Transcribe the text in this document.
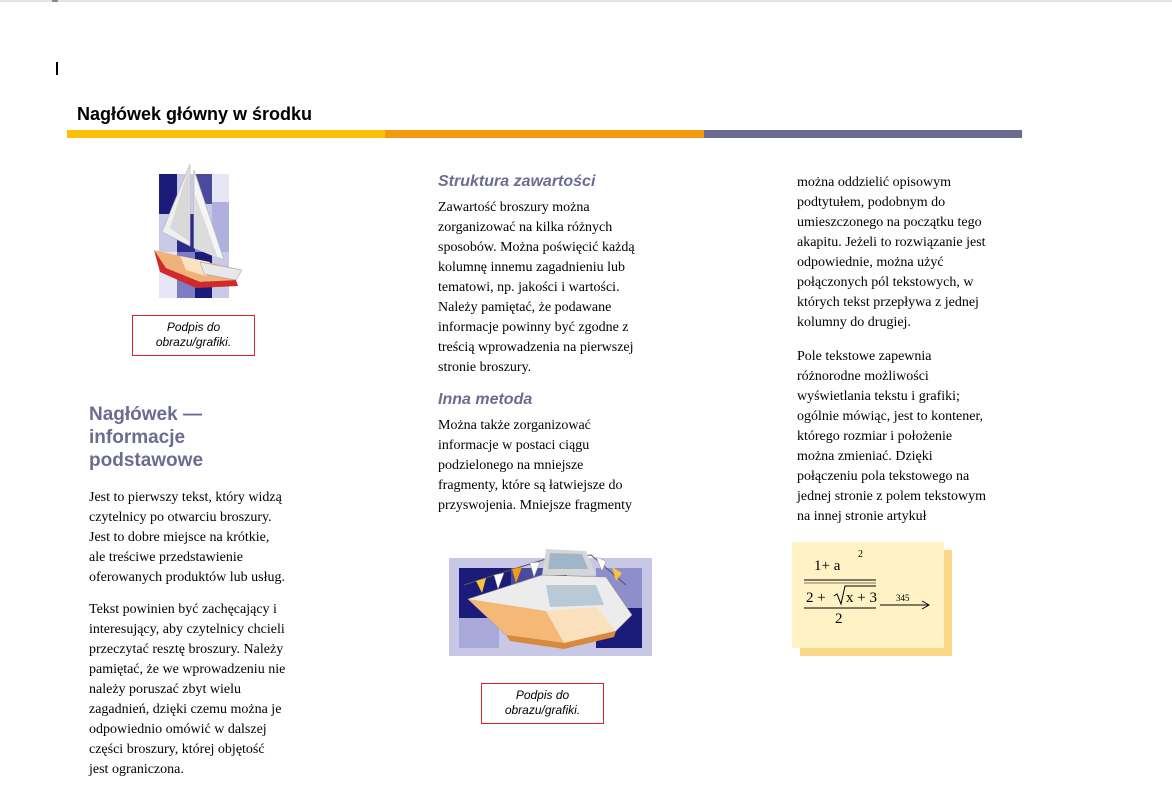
Nagłówek główny w środku
Podpis do
obrazu/grafiki.
Nagłówek —
informacje
podstawowe

Jest to pierwszy tekst, który widzą
czytelnicy po otwarciu broszury.
Jest to dobre miejsce na krótkie,
ale treściwe przedstawienie
oferowanych produktów lub usług.

Tekst powinien być zachęcający i
interesujący, aby czytelnicy chcieli
przeczytać resztę broszury. Należy
pamiętać, że we wprowadzeniu nie
należy poruszać zbyt wielu
zagadnień, dzięki czemu można je
odpowiednio omówić w dalszej
części broszury, której objętość
jest ograniczona.

Struktura zawartości

Zawartość broszury można
zorganizować na kilka różnych
sposobów. Można poświęcić każdą
kolumnę innemu zagadnieniu lub
tematowi, np. jakości i wartości.
Należy pamiętać, że podawane
informacje powinny być zgodne z
treścią wprowadzenia na pierwszej
stronie broszury.

Inna metoda

Można także zorganizować
informacje w postaci ciągu
podzielonego na mniejsze
fragmenty, które są łatwiejsze do
przyswojenia. Mniejsze fragmenty

Podpis do
obrazu/grafiki.

można oddzielić opisowym
podtytułem, podobnym do
umieszczonego na początku tego
akapitu. Jeżeli to rozwiązanie jest
odpowiednie, można użyć
połączonych pól tekstowych, w
których tekst przepływa z jednej
kolumny do drugiej.

Pole tekstowe zapewnia
różnorodne możliwości
wyświetlania tekstu i grafiki;
ogólnie mówiąc, jest to kontener,
którego rozmiar i położenie
można zmieniać. Dzięki
połączeniu pola tekstowego na
jednej stronie z polem tekstowym
na innej stronie artykuł

1+ a
2
2 + x + 3
2
345
